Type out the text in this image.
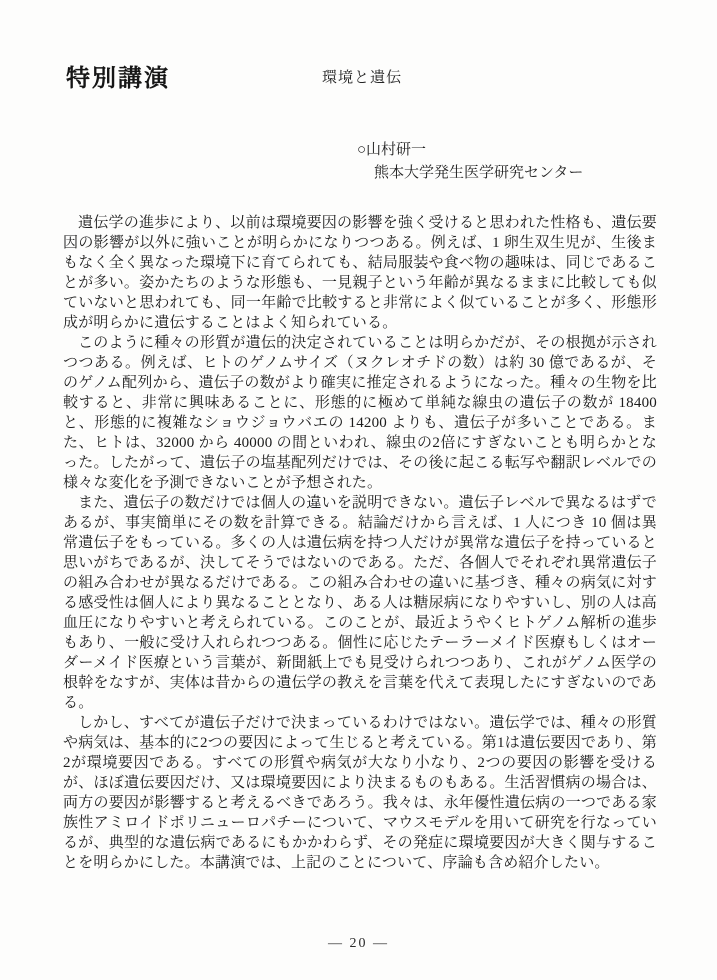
特別講演	環境と遺伝
○山村研一
熊本大学発生医学研究センター

遺伝学の進歩により、以前は環境要因の影響を強く受けると思われた性格も、遺伝要因の影響が以外に強いことが明らかになりつつある。例えば、1 卵生双生児が、生後まもなく全く異なった環境下に育てられても、結局服装や食べ物の趣味は、同じであることが多い。姿かたちのような形態も、一見親子という年齢が異なるままに比較しても似ていないと思われても、同一年齢で比較すると非常によく似ていることが多く、形態形成が明らかに遺伝することはよく知られている。

このように種々の形質が遺伝的決定されていることは明らかだが、その根拠が示されつつある。例えば、ヒトのゲノムサイズ（ヌクレオチドの数）は約 30 億であるが、そのゲノム配列から、遺伝子の数がより確実に推定されるようになった。種々の生物を比較すると、非常に興味あることに、形態的に極めて単純な線虫の遺伝子の数が 18400 と、形態的に複雑なショウジョウバエの 14200 よりも、遺伝子が多いことである。また、ヒトは、32000 から 40000 の間といわれ、線虫の2倍にすぎないことも明らかとなった。したがって、遺伝子の塩基配列だけでは、その後に起こる転写や翻訳レベルでの様々な変化を予測できないことが予想された。

また、遺伝子の数だけでは個人の違いを説明できない。遺伝子レベルで異なるはずであるが、事実簡単にその数を計算できる。結論だけから言えば、1 人につき 10 個は異常遺伝子をもっている。多くの人は遺伝病を持つ人だけが異常な遺伝子を持っていると思いがちであるが、決してそうではないのである。ただ、各個人でそれぞれ異常遺伝子の組み合わせが異なるだけである。この組み合わせの違いに基づき、種々の病気に対する感受性は個人により異なることとなり、ある人は糖尿病になりやすいし、別の人は高血圧になりやすいと考えられている。このことが、最近ようやくヒトゲノム解析の進歩もあり、一般に受け入れられつつある。個性に応じたテーラーメイド医療もしくはオーダーメイド医療という言葉が、新聞紙上でも見受けられつつあり、これがゲノム医学の根幹をなすが、実体は昔からの遺伝学の教えを言葉を代えて表現したにすぎないのである。

しかし、すべてが遺伝子だけで決まっているわけではない。遺伝学では、種々の形質や病気は、基本的に2つの要因によって生じると考えている。第1は遺伝要因であり、第2が環境要因である。すべての形質や病気が大なり小なり、2つの要因の影響を受けるが、ほぼ遺伝要因だけ、又は環境要因により決まるものもある。生活習慣病の場合は、両方の要因が影響すると考えるべきであろう。我々は、永年優性遺伝病の一つである家族性アミロイドポリニューロパチーについて、マウスモデルを用いて研究を行なっているが、典型的な遺伝病であるにもかかわらず、その発症に環境要因が大きく関与することを明らかにした。本講演では、上記のことについて、序論も含め紹介したい。

— 20 —
